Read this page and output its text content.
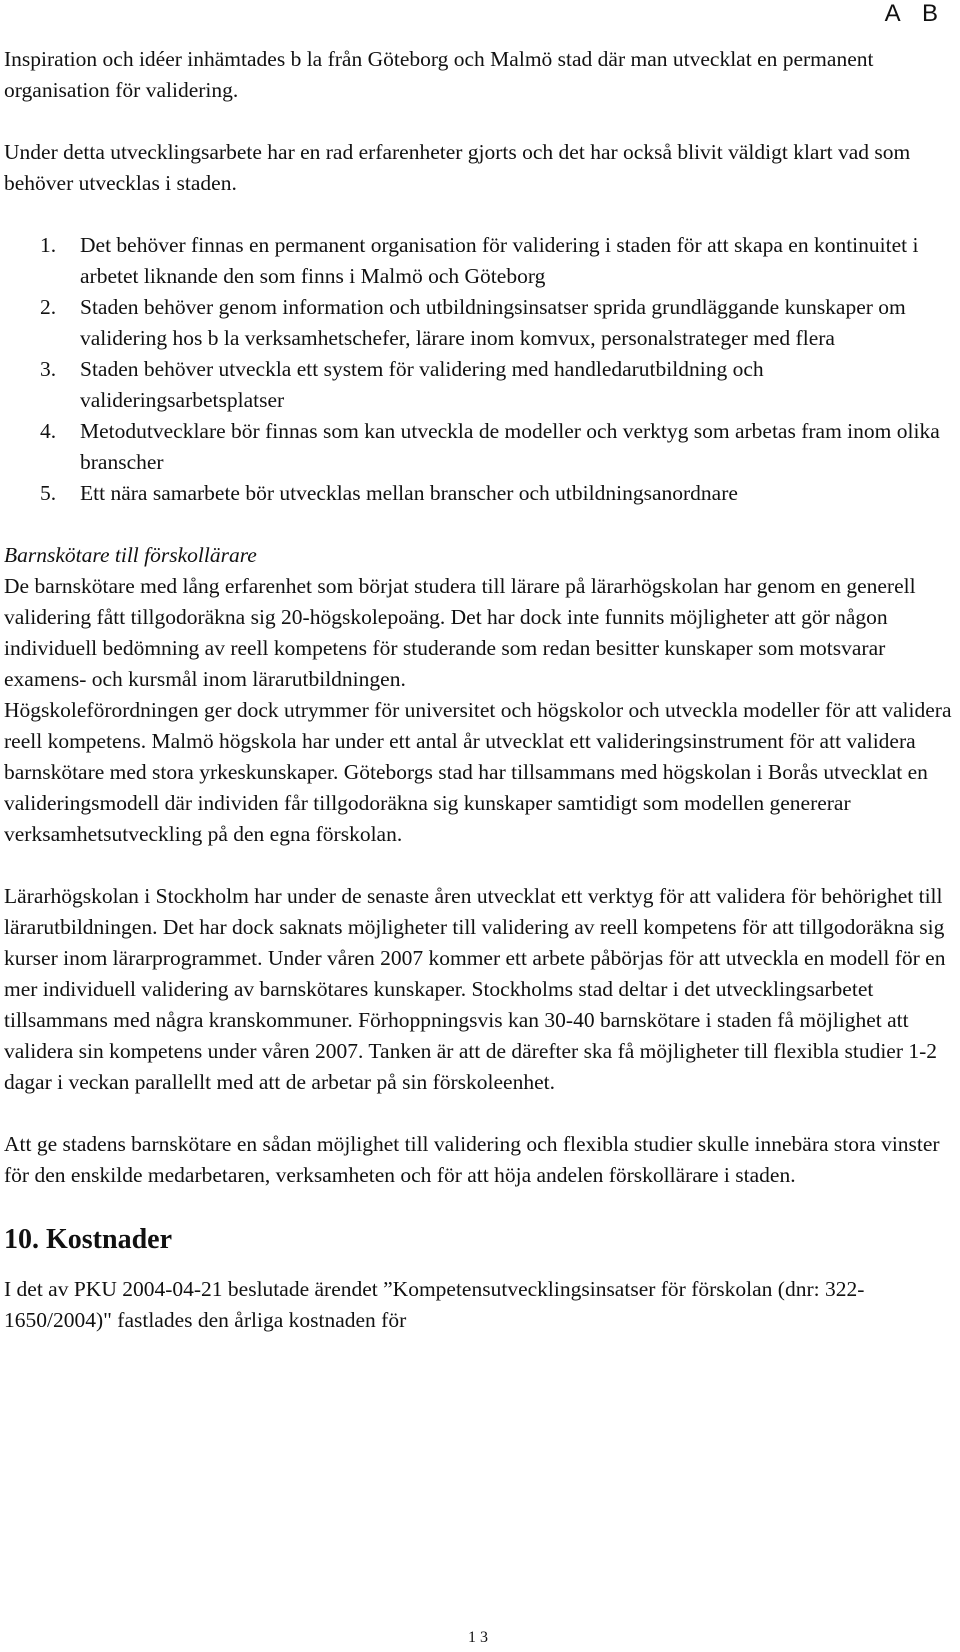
A B

Inspiration och idéer inhämtades b la från Göteborg och Malmö stad där man utvecklat en permanent organisation för validering.

Under detta utvecklingsarbete har en rad erfarenheter gjorts och det har också blivit väldigt klart vad som behöver utvecklas i staden.

1. Det behöver finnas en permanent organisation för validering i staden för att skapa en kontinuitet i arbetet liknande den som finns i Malmö och Göteborg
2. Staden behöver genom information och utbildningsinsatser sprida grundläggande kunskaper om validering hos b la verksamhetschefer, lärare inom komvux, personalstrateger med flera
3. Staden behöver utveckla ett system för validering med handledarutbildning och valideringsarbetsplatser
4. Metodutvecklare bör finnas som kan utveckla de modeller och verktyg som arbetas fram inom olika branscher
5. Ett nära samarbete bör utvecklas mellan branscher och utbildningsanordnare
Barnskötare till förskollärare

De barnskötare med lång erfarenhet som börjat studera till lärare på lärarhögskolan har genom en generell validering fått tillgodoräkna sig 20-högskolepoäng. Det har dock inte funnits möjligheter att gör någon individuell bedömning av reell kompetens för studerande som redan besitter kunskaper som motsvarar examens- och kursmål inom lärarutbildningen.

Högskoleförordningen ger dock utrymmer för universitet och högskolor och utveckla modeller för att validera reell kompetens. Malmö högskola har under ett antal år utvecklat ett valideringsinstrument för att validera barnskötare med stora yrkeskunskaper. Göteborgs stad har tillsammans med högskolan i Borås utvecklat en valideringsmodell där individen får tillgodoräkna sig kunskaper samtidigt som modellen genererar verksamhetsutveckling på den egna förskolan.

Lärarhögskolan i Stockholm har under de senaste åren utvecklat ett verktyg för att validera för behörighet till lärarutbildningen. Det har dock saknats möjligheter till validering av reell kompetens för att tillgodoräkna sig kurser inom lärarprogrammet. Under våren 2007 kommer ett arbete påbörjas för att utveckla en modell för en mer individuell validering av barnskötares kunskaper. Stockholms stad deltar i det utvecklingsarbetet tillsammans med några kranskommuner. Förhoppningsvis kan 30-40 barnskötare i staden få möjlighet att validera sin kompetens under våren 2007. Tanken är att de därefter ska få möjligheter till flexibla studier 1-2 dagar i veckan parallellt med att de arbetar på sin förskoleenhet.

Att ge stadens barnskötare en sådan möjlighet till validering och flexibla studier skulle innebära stora vinster för den enskilde medarbetaren, verksamheten och för att höja andelen förskollärare i staden.

10. Kostnader

I det av PKU 2004-04-21 beslutade ärendet ”Kompetensutvecklingsinsatser för förskolan (dnr: 322-1650/2004)" fastlades den årliga kostnaden för

13
